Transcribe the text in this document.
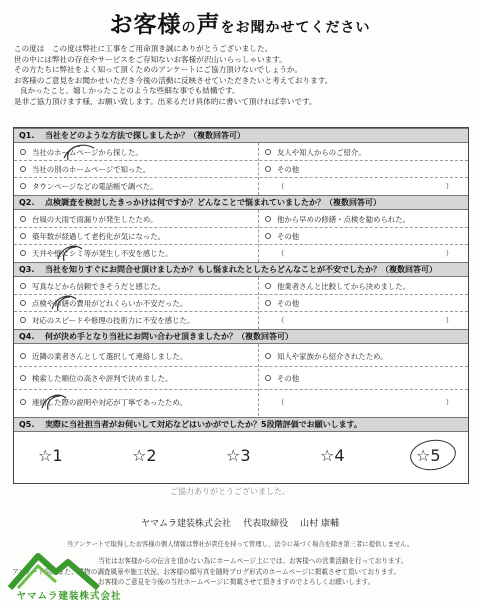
お客様の声をお聞かせてください
この度は　この度は弊社に工事をご用命頂き誠にありがとうございました。
世の中には弊社の存在やサービスをご存知ないお客様が沢山いらっしゃいます。
その方たちに弊社をよく知って頂くためのアンケートにご協力頂けないでしょうか。
お客様のご意見をお聞かせいただき今後の活動に反映させていただきたいと考えております。
良かったこと、嬉しかったことのような些細な事でも結構です。
是非ご協力頂けます様、お願い致します。出来るだけ具体的に書いて頂ければ幸いです。
Q1. 当社をどのような方法で探しましたか？（複数回答可）
当社のホームページから探した。
当社の別のホームページで知った。
タウンページなどの電話帳で調べた。
友人や知人からのご紹介。
その他
（	）
Q2. 点検調査を検討したきっかけは何ですか？どんなことで悩まれていましたか？（複数回答可）
台風の大雨で雨漏りが発生したため。
築年数が経過して老朽化が気になった。
天井や壁にシミ等が発生し不安を感じた。
他から早めの修繕・点検を勧められた。
その他
（	）
Q3. 当社を知りすぐにお問合せ頂けましたか？もし悩まれたとしたらどんなことが不安でしたか？（複数回答可）
写真などから信頼できそうだと感じた。
点検や修繕の費用がどれくらいか不安だった。
対応のスピードや修理の技術力に不安を感じた。
他業者さんと比較してから決めました。
その他
（	）
Q4. 何が決め手となり当社にお問い合わせ頂きましたか？（複数回答可）
近隣の業者さんとして選択して連絡しました。
検索した順位の高さや評判で決めました。
連絡した際の説明や対応が丁寧であったため。
知人や家族から紹介されたため。
その他
（	）
Q5. 実際に当社担当者がお伺いして対応などはいかがでしたか？5段階評価でお願いします。
☆1	☆2	☆3	☆4	☆5
ご協力ありがとうございました。
ヤマムラ建装株式会社 代表取締役 山村 康輔
当アンケートで取得したお客様の個人情報は弊社が責任を持って管理し、法令に基づく場合を除き第三者に提供しません。
当社はお客様からの伝言を頂かない為にホームページ上にでは、お客様への営業活動を行っております。
アンケート用紙また、建物の調査風景や施工状況、お客様の顔写真を随時ブログ形式のホームページに掲載させて頂いております。
お客様のご意見を今後の当社ホームページに掲載させて頂きますのでよろしくお願いします。
ヤマムラ建装株式会社
